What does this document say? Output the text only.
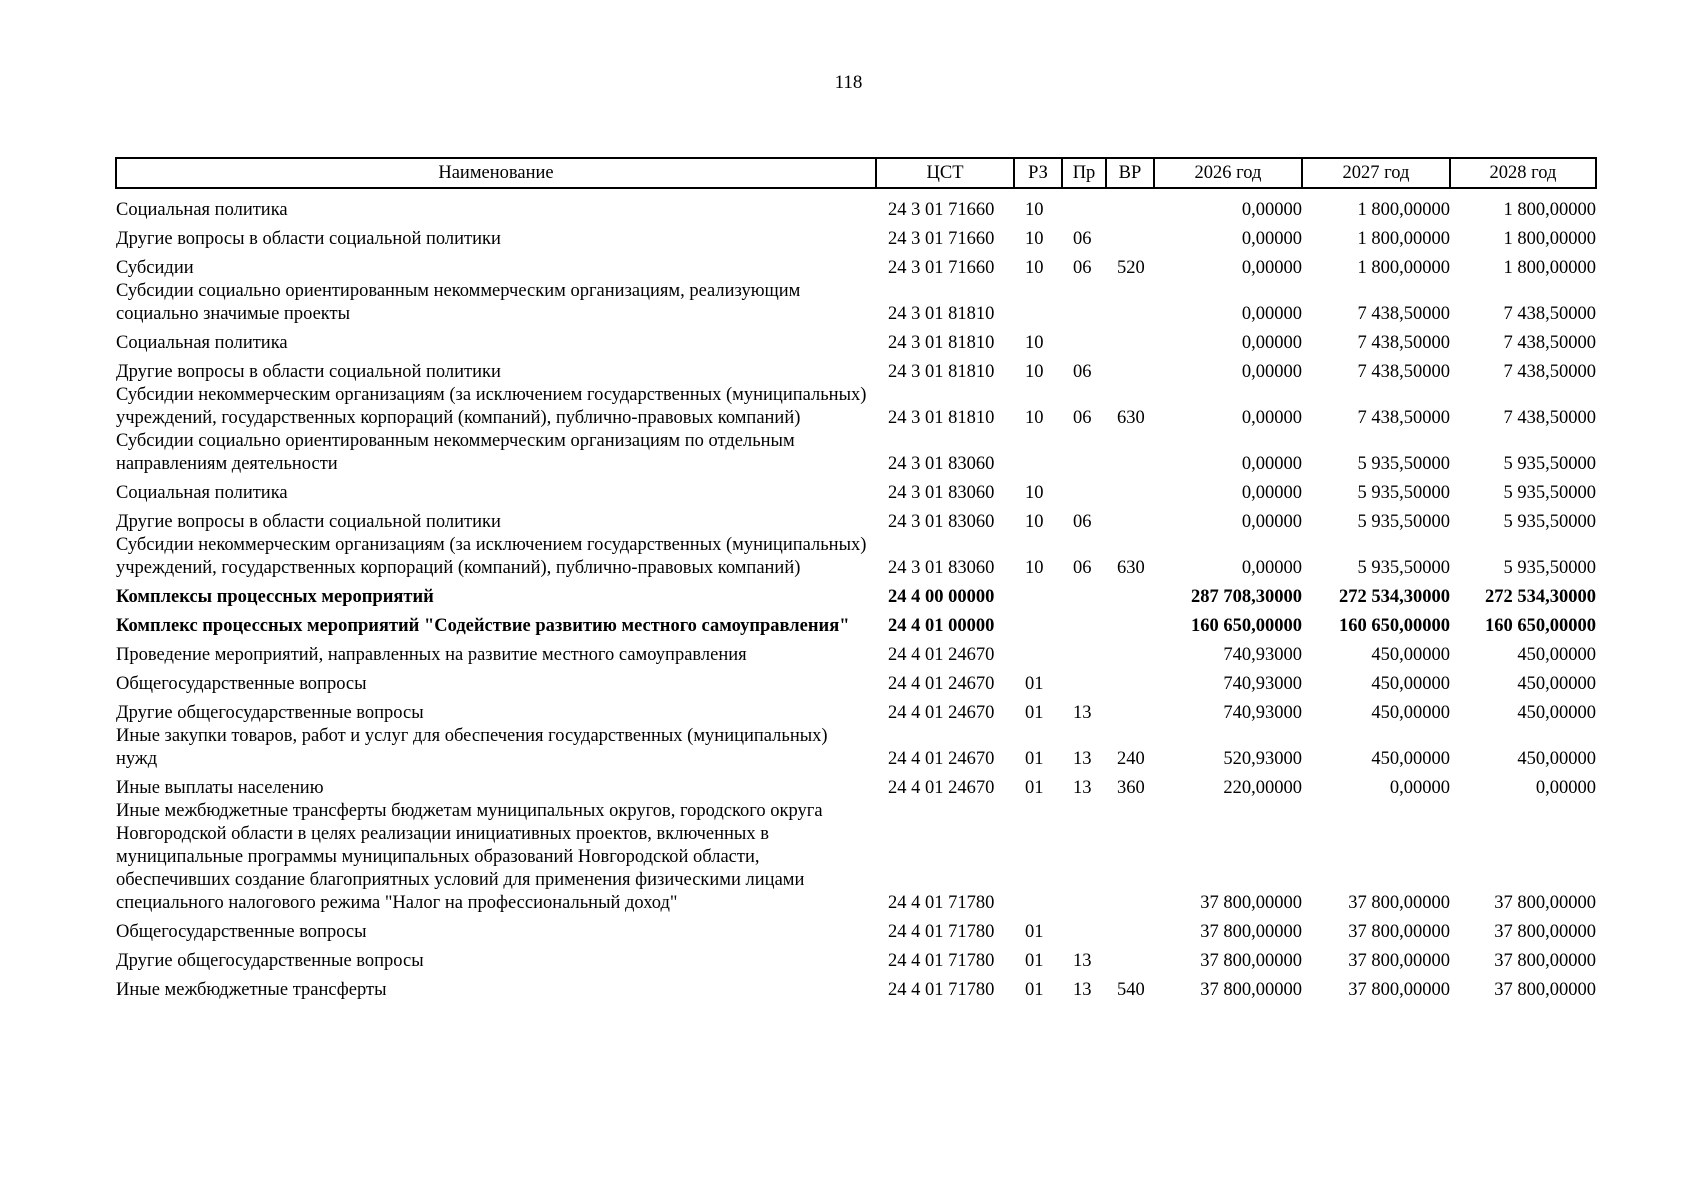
118
Наименование	ЦСТ	РЗ	Пр	ВР	2026 год	2027 год	2028 год
Социальная политика	24 3 01 71660	10			0,00000	1 800,00000	1 800,00000
Другие вопросы в области социальной политики	24 3 01 71660	10	06		0,00000	1 800,00000	1 800,00000
Субсидии	24 3 01 71660	10	06	520	0,00000	1 800,00000	1 800,00000
Субсидии социально ориентированным некоммерческим организациям, реализующим социально значимые проекты	24 3 01 81810				0,00000	7 438,50000	7 438,50000
Социальная политика	24 3 01 81810	10			0,00000	7 438,50000	7 438,50000
Другие вопросы в области социальной политики	24 3 01 81810	10	06		0,00000	7 438,50000	7 438,50000
Субсидии некоммерческим организациям (за исключением государственных (муниципальных) учреждений, государственных корпораций (компаний), публично-правовых компаний)	24 3 01 81810	10	06	630	0,00000	7 438,50000	7 438,50000
Субсидии социально ориентированным некоммерческим организациям по отдельным направлениям деятельности	24 3 01 83060				0,00000	5 935,50000	5 935,50000
Социальная политика	24 3 01 83060	10			0,00000	5 935,50000	5 935,50000
Другие вопросы в области социальной политики	24 3 01 83060	10	06		0,00000	5 935,50000	5 935,50000
Субсидии некоммерческим организациям (за исключением государственных (муниципальных) учреждений, государственных корпораций (компаний), публично-правовых компаний)	24 3 01 83060	10	06	630	0,00000	5 935,50000	5 935,50000
Комплексы процессных мероприятий	24 4 00 00000				287 708,30000	272 534,30000	272 534,30000
Комплекс процессных мероприятий "Содействие развитию местного самоуправления"	24 4 01 00000				160 650,00000	160 650,00000	160 650,00000
Проведение мероприятий, направленных на развитие местного самоуправления	24 4 01 24670				740,93000	450,00000	450,00000
Общегосударственные вопросы	24 4 01 24670	01			740,93000	450,00000	450,00000
Другие общегосударственные вопросы	24 4 01 24670	01	13		740,93000	450,00000	450,00000
Иные закупки товаров, работ и услуг для обеспечения государственных (муниципальных) нужд	24 4 01 24670	01	13	240	520,93000	450,00000	450,00000
Иные выплаты населению	24 4 01 24670	01	13	360	220,00000	0,00000	0,00000
Иные межбюджетные трансферты бюджетам муниципальных округов, городского округа Новгородской области в целях реализации инициативных проектов, включенных в муниципальные программы муниципальных образований Новгородской области, обеспечивших создание благоприятных условий для применения физическими лицами специального налогового режима "Налог на профессиональный доход"	24 4 01 71780				37 800,00000	37 800,00000	37 800,00000
Общегосударственные вопросы	24 4 01 71780	01			37 800,00000	37 800,00000	37 800,00000
Другие общегосударственные вопросы	24 4 01 71780	01	13		37 800,00000	37 800,00000	37 800,00000
Иные межбюджетные трансферты	24 4 01 71780	01	13	540	37 800,00000	37 800,00000	37 800,00000
